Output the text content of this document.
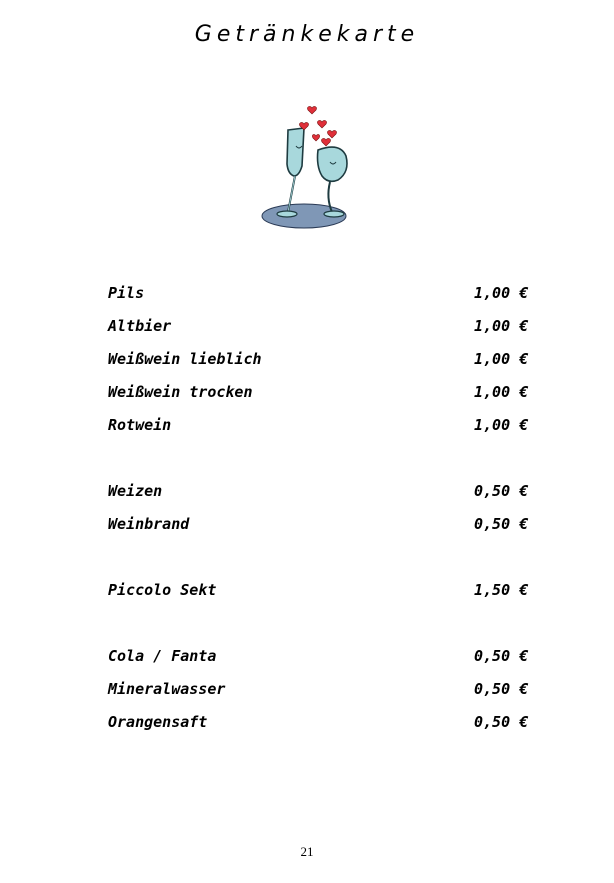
Getränkekarte
Pils	1,00 €
Altbier	1,00 €
Weißwein lieblich	1,00 €
Weißwein trocken	1,00 €
Rotwein	1,00 €
Weizen	0,50 €
Weinbrand	0,50 €
Piccolo Sekt	1,50 €
Cola / Fanta	0,50 €
Mineralwasser	0,50 €
Orangensaft	0,50 €
21
